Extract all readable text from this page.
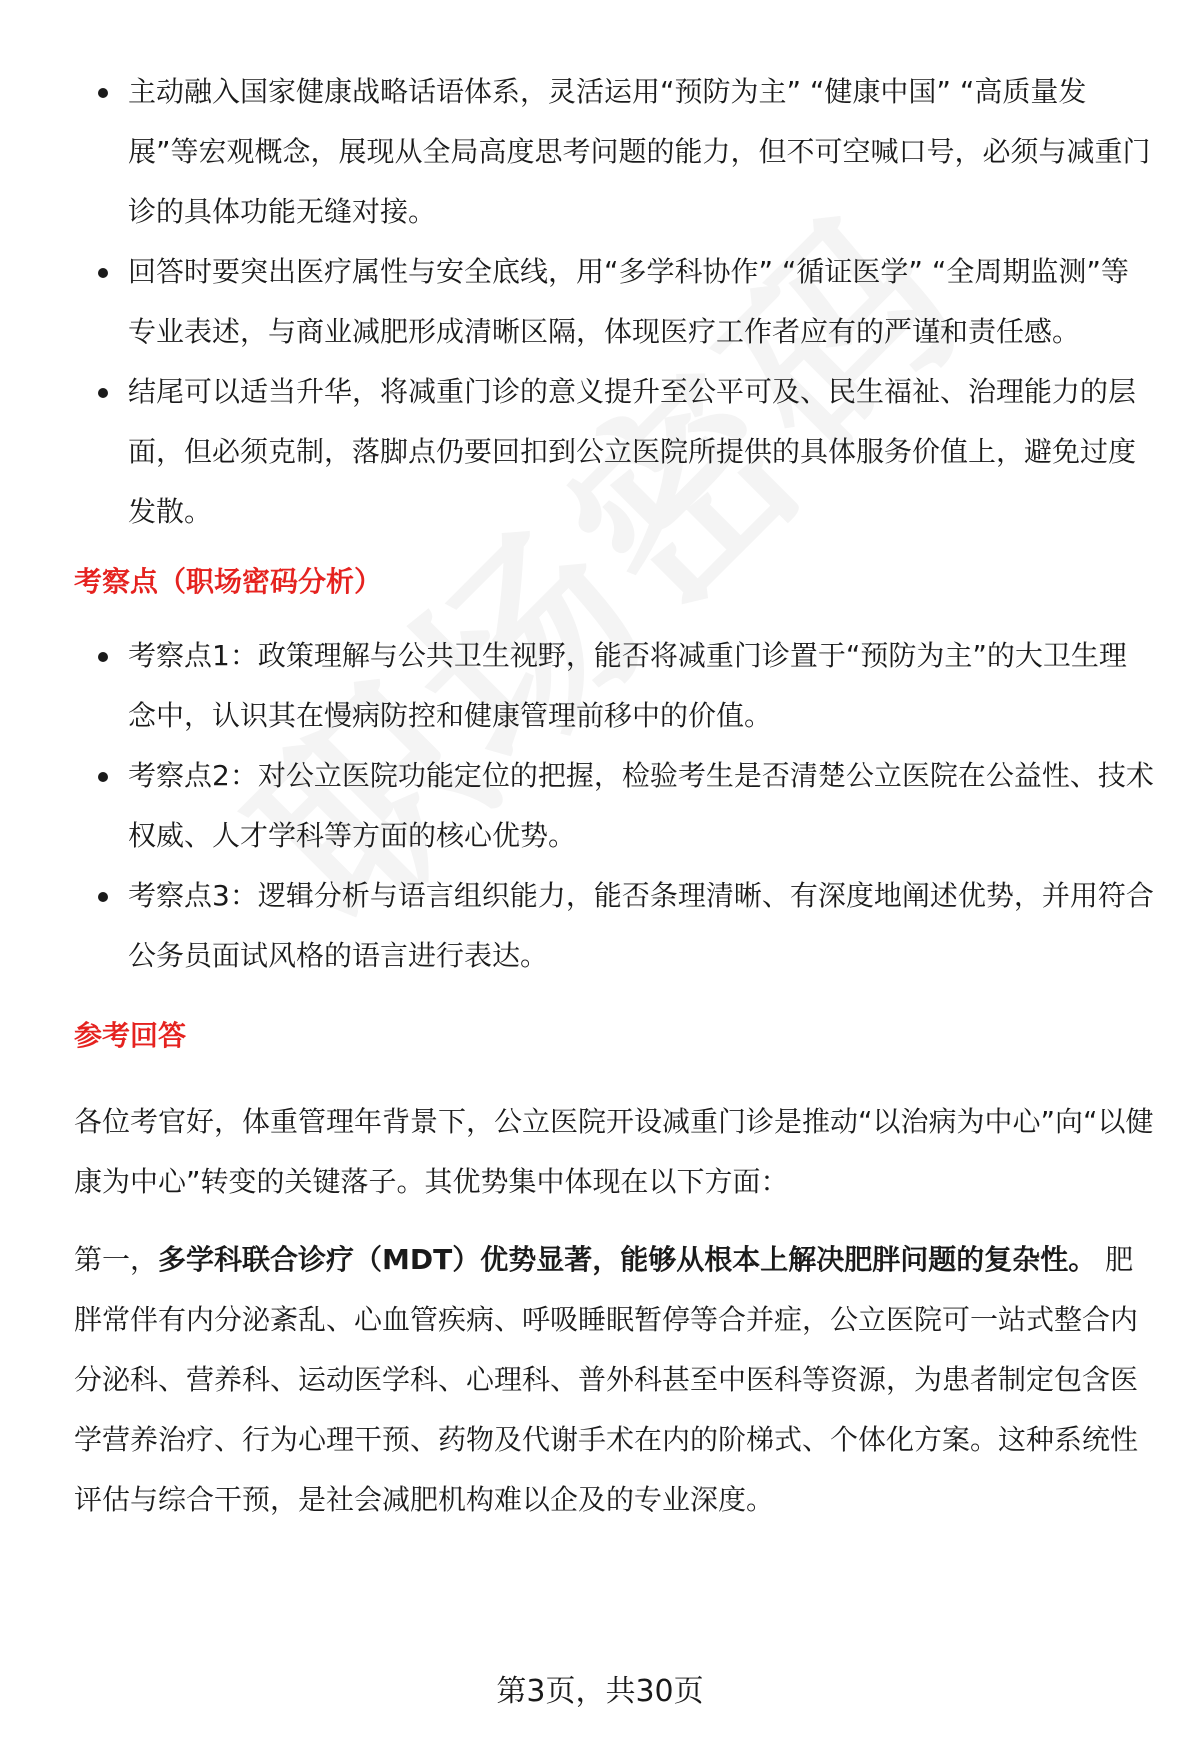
主动融入国家健康战略话语体系，灵活运用“预防为主” “健康中国” “高质量发展”等宏观概念，展现从全局高度思考问题的能力，但不可空喊口号，必须与减重门诊的具体功能无缝对接。
回答时要突出医疗属性与安全底线，用“多学科协作” “循证医学” “全周期监测”等专业表述，与商业减肥形成清晰区隔，体现医疗工作者应有的严谨和责任感。
结尾可以适当升华，将减重门诊的意义提升至公平可及、民生福祉、治理能力的层面，但必须克制，落脚点仍要回扣到公立医院所提供的具体服务价值上，避免过度发散。
考察点（职场密码分析）
考察点1：政策理解与公共卫生视野，能否将减重门诊置于“预防为主”的大卫生理念中，认识其在慢病防控和健康管理前移中的价值。
考察点2：对公立医院功能定位的把握，检验考生是否清楚公立医院在公益性、技术权威、人才学科等方面的核心优势。
考察点3：逻辑分析与语言组织能力，能否条理清晰、有深度地阐述优势，并用符合公务员面试风格的语言进行表达。
参考回答

各位考官好，体重管理年背景下，公立医院开设减重门诊是推动“以治病为中心”向“以健康为中心”转变的关键落子。其优势集中体现在以下方面：

第一，多学科联合诊疗（MDT）优势显著，能够从根本上解决肥胖问题的复杂性。 肥胖常伴有内分泌紊乱、心血管疾病、呼吸睡眠暂停等合并症，公立医院可一站式整合内分泌科、营养科、运动医学科、心理科、普外科甚至中医科等资源，为患者制定包含医学营养治疗、行为心理干预、药物及代谢手术在内的阶梯式、个体化方案。这种系统性评估与综合干预，是社会减肥机构难以企及的专业深度。

第3页，共30页
